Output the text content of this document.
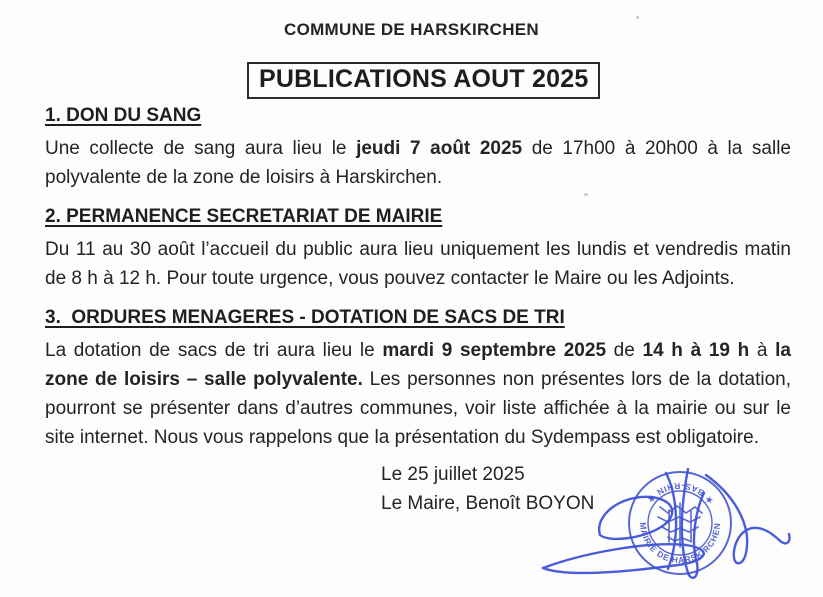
COMMUNE DE HARSKIRCHEN
PUBLICATIONS AOUT 2025
1. DON DU SANG

Une collecte de sang aura lieu le jeudi 7 août 2025 de 17h00 à 20h00 à la salle polyvalente de la zone de loisirs à Harskirchen.

2. PERMANENCE SECRETARIAT DE MAIRIE

Du 11 au 30 août l’accueil du public aura lieu uniquement les lundis et vendredis matin de 8 h à 12 h. Pour toute urgence, vous pouvez contacter le Maire ou les Adjoints.

3.  ORDURES MENAGERES - DOTATION DE SACS DE TRI

La dotation de sacs de tri aura lieu le mardi 9 septembre 2025 de 14 h à 19 h à la zone de loisirs – salle polyvalente. Les personnes non présentes lors de la dotation, pourront se présenter dans d’autres communes, voir liste affichée à la mairie ou sur le site internet. Nous vous rappelons que la présentation du Sydempass est obligatoire.

Le 25 juillet 2025
Le Maire, Benoît BOYON	★ BAS-RHIN ★
MAIRIE DE HARSKIRCHEN
